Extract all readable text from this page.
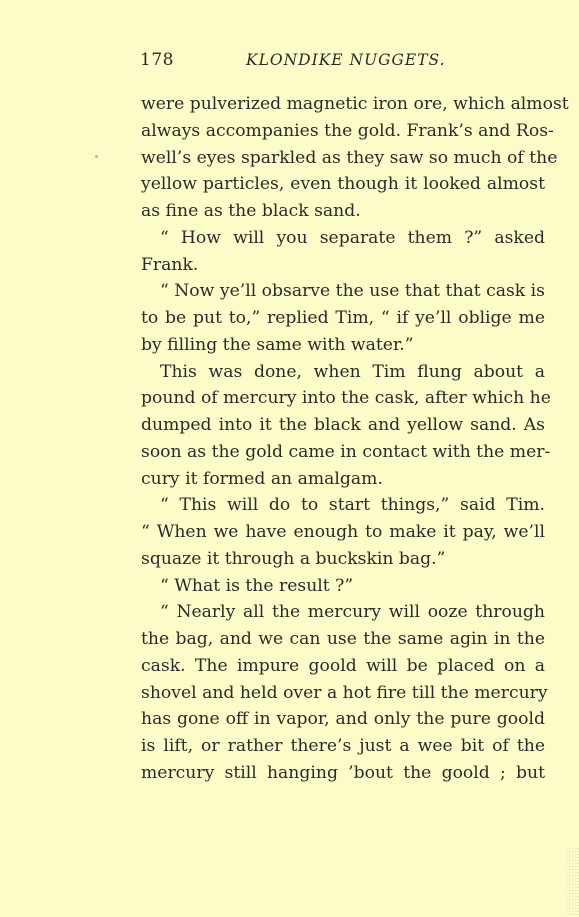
178	KLONDIKE NUGGETS.
were pulverized magnetic iron ore, which almost
always accompanies the gold. Frank’s and Ros-
well’s eyes sparkled as they saw so much of the
yellow particles, even though it looked almost
as fine as the black sand.
“ How will you separate them ?” asked
Frank.
“ Now ye’ll obsarve the use that that cask is
to be put to,” replied Tim, “ if ye’ll oblige me
by filling the same with water.”
This was done, when Tim flung about a
pound of mercury into the cask, after which he
dumped into it the black and yellow sand. As
soon as the gold came in contact with the mer-
cury it formed an amalgam.
“ This will do to start things,” said Tim.
“ When we have enough to make it pay, we’ll
squaze it through a buckskin bag.”
“ What is the result ?”
“ Nearly all the mercury will ooze through
the bag, and we can use the same agin in the
cask. The impure goold will be placed on a
shovel and held over a hot fire till the mercury
has gone off in vapor, and only the pure goold
is lift, or rather there’s just a wee bit of the
mercury still hanging ’bout the goold ; but
